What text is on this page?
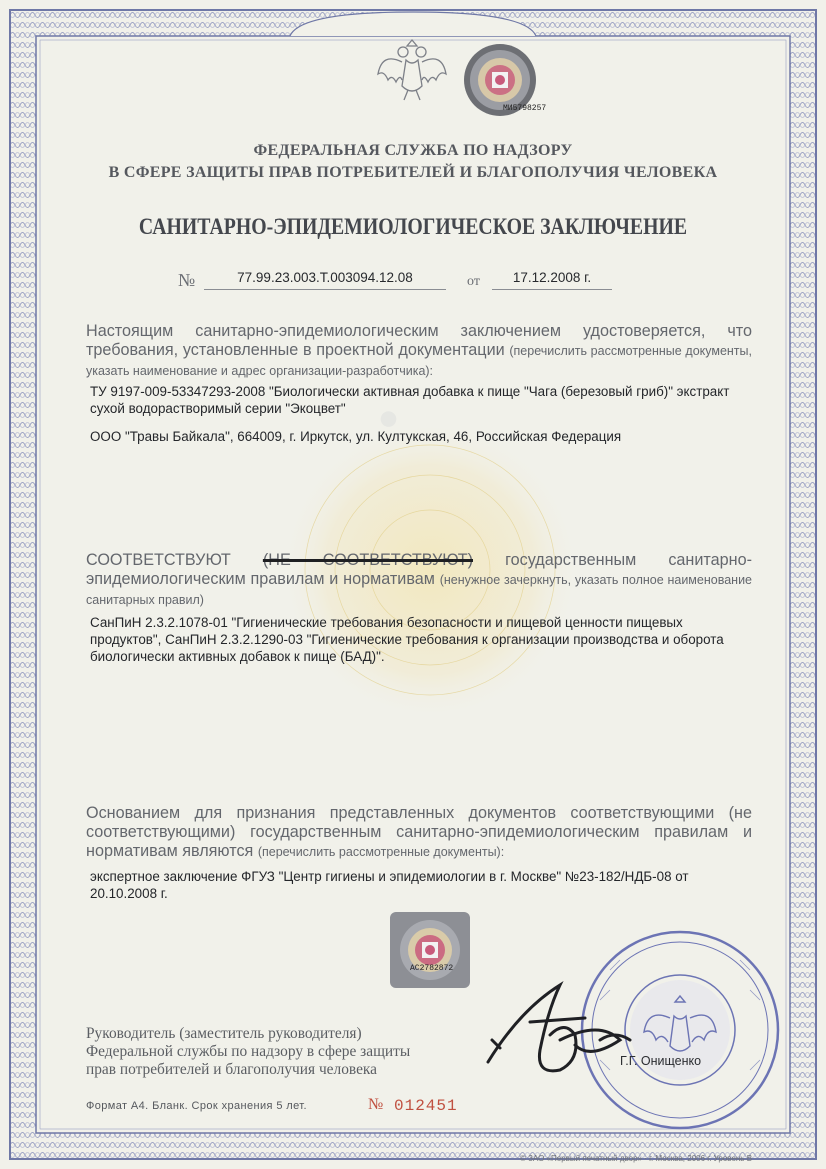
·

ФЕДЕРАЛЬНАЯ СЛУЖБА ПО НАДЗОРУ

В СФЕРЕ ЗАЩИТЫ ПРАВ ПОТРЕБИТЕЛЕЙ И БЛАГОПОЛУЧИЯ ЧЕЛОВЕКА

САНИТАРНО-ЭПИДЕМИОЛОГИЧЕСКОЕ ЗАКЛЮЧЕНИЕ

№	77.99.23.003.Т.003094.12.08	от	17.12.2008 г.

Настоящим санитарно-эпидемиологическим заключением удостоверяется, что требования, установленные в проектной документации (перечислить рассмотренные документы, указать наименование и адрес организации-разработчика):

ТУ 9197-009-53347293-2008 "Биологически активная добавка к пище "Чага (березовый гриб)" экстракт сухой водорастворимый серии "Экоцвет"

ООО "Травы Байкала", 664009, г. Иркутск, ул. Култукская, 46, Российская Федерация

СООТВЕТСТВУЮТ (НЕ СООТВЕТСТВУЮТ) государственным санитарно-эпидемиологическим правилам и нормативам (ненужное зачеркнуть, указать полное наименование санитарных правил)

СанПиН 2.3.2.1078-01 "Гигиенические требования безопасности и пищевой ценности пищевых продуктов", СанПиН 2.3.2.1290-03 "Гигиенические требования к организации производства и оборота биологически активных добавок к пище (БАД)".

Основанием для признания представленных документов соответствующими (не соответствующими) государственным санитарно-эпидемиологическим правилам и нормативам являются (перечислить рассмотренные документы):

экспертное заключение ФГУЗ "Центр гигиены и эпидемиологии в г. Москве" №23-182/НДБ-08 от 20.10.2008 г.

МИ5798257
АС2782872
Руководитель (заместитель руководителя)
Федеральной службы по надзору в сфере защиты
прав потребителей и благополучия человека	Г.Г. Онищенко
Формат А4. Бланк. Срок хранения 5 лет.	№ 012451
© ЗАО «Первый печатный двор» · г. Москва, 2006 г. Уровень В
